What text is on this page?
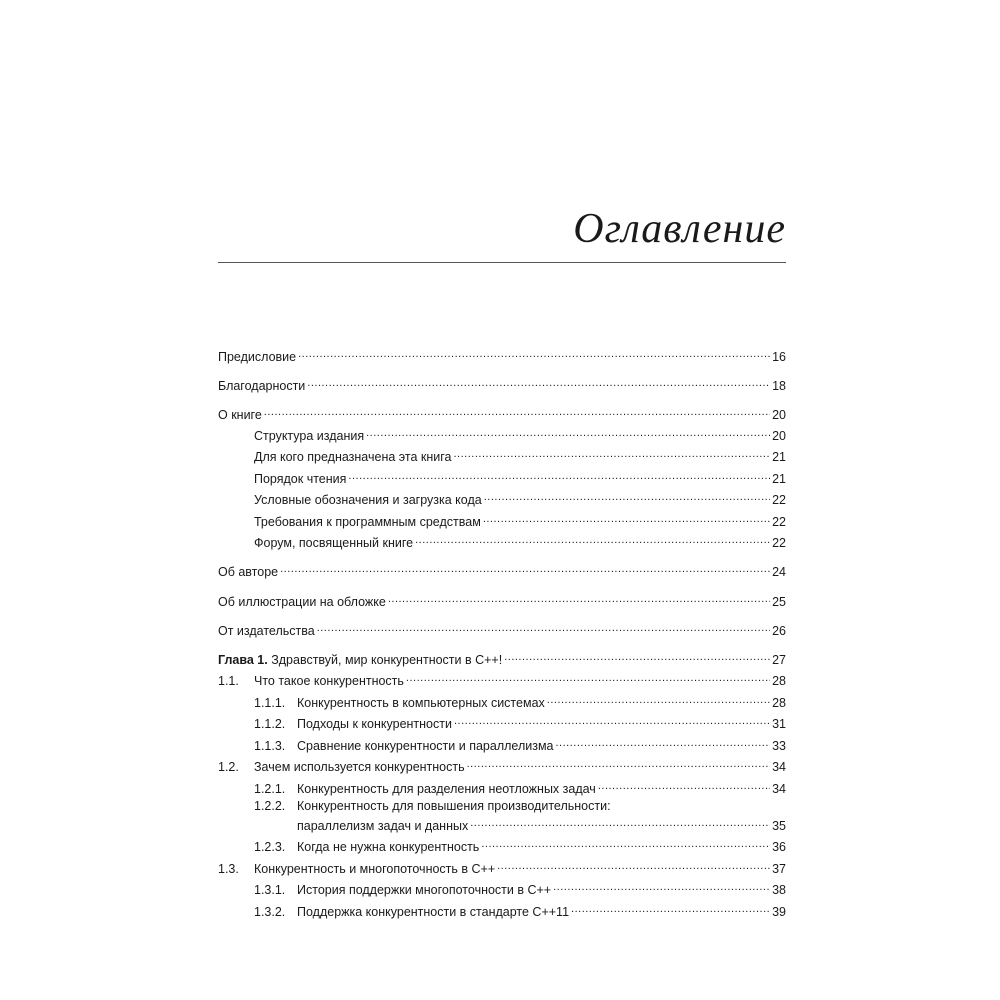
Оглавление
Предисловие .....	16
Благодарности .....	18
О книге .....	20
Структура издания .....	20
Для кого предназначена эта книга .....	21
Порядок чтения .....	21
Условные обозначения и загрузка кода .....	22
Требования к программным средствам .....	22
Форум, посвященный книге .....	22
Об авторе .....	24
Об иллюстрации на обложке .....	25
От издательства .....	26
Глава 1. Здравствуй, мир конкурентности в C++! .....	27
1.1.	Что такое конкурентность .....	28
1.1.1. Конкурентность в компьютерных системах .....	28
1.1.2. Подходы к конкурентности .....	31
1.1.3. Сравнение конкурентности и параллелизма .....	33
1.2.	Зачем используется конкурентность .....	34
1.2.1. Конкурентность для разделения неотложных задач .....	34
1.2.2. Конкурентность для повышения производительности:
параллелизм задач и данных .....	35
1.2.3. Когда не нужна конкурентность .....	36
1.3.	Конкурентность и многопоточность в C++ .....	37
1.3.1. История поддержки многопоточности в C++ .....	38
1.3.2. Поддержка конкурентности в стандарте C++11 .....	39
